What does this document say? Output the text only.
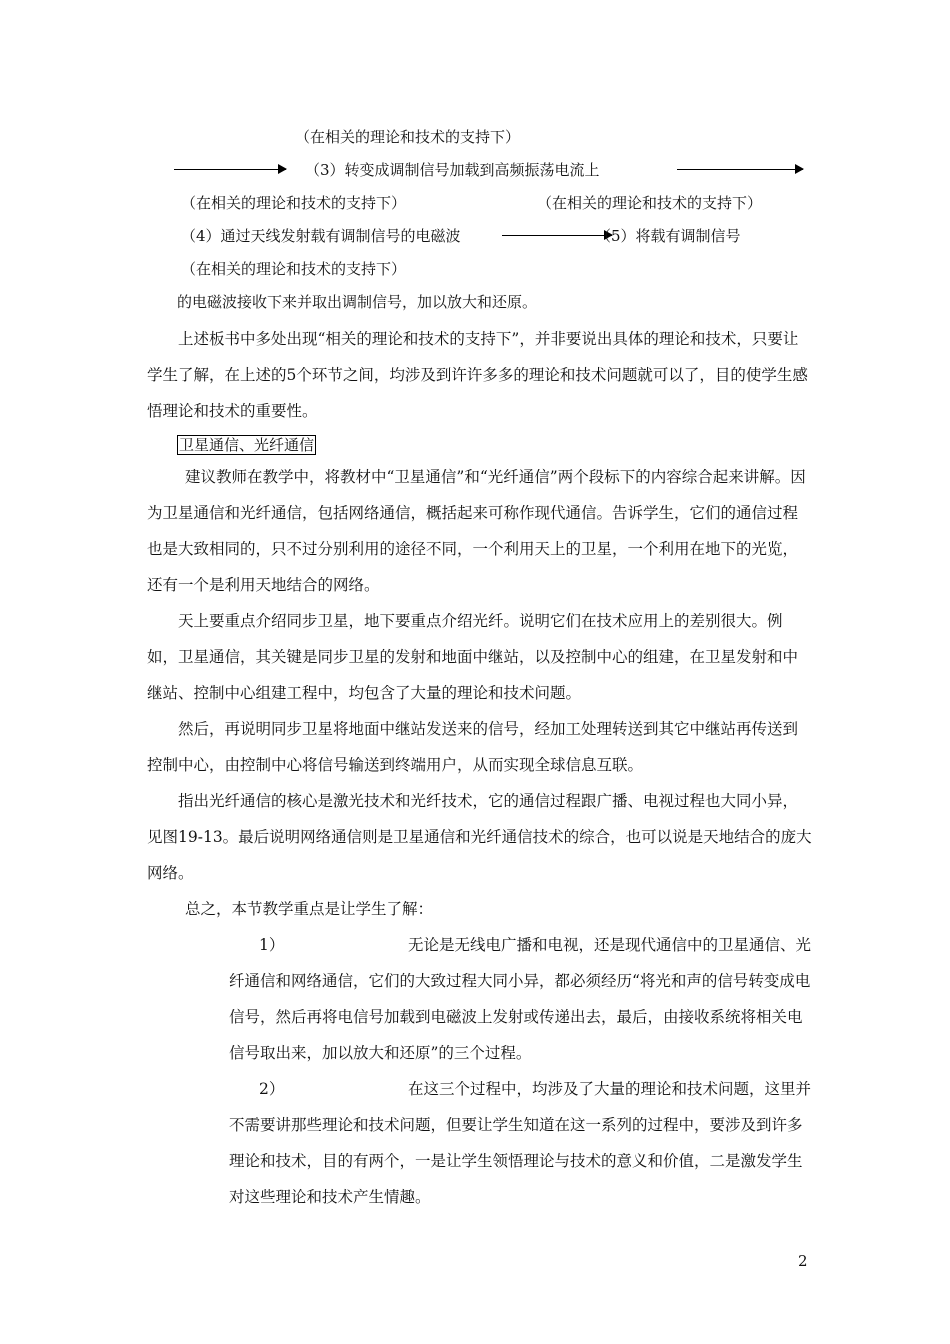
（在相关的理论和技术的支持下）
（3）转变成调制信号加载到高频振荡电流上
（在相关的理论和技术的支持下）	（在相关的理论和技术的支持下）
（4）通过天线发射载有调制信号的电磁波	（5）将载有调制信号
（在相关的理论和技术的支持下）
的电磁波接收下来并取出调制信号，加以放大和还原。
上述板书中多处出现“相关的理论和技术的支持下”，并非要说出具体的理论和技术，只要让学生了解，在上述的5个环节之间，均涉及到许许多多的理论和技术问题就可以了，目的使学生感悟理论和技术的重要性。
卫星通信、光纤通信
建议教师在教学中，将教材中“卫星通信”和“光纤通信”两个段标下的内容综合起来讲解。因为卫星通信和光纤通信，包括网络通信，概括起来可称作现代通信。告诉学生，它们的通信过程也是大致相同的，只不过分别利用的途径不同，一个利用天上的卫星，一个利用在地下的光览，还有一个是利用天地结合的网络。
天上要重点介绍同步卫星，地下要重点介绍光纤。说明它们在技术应用上的差别很大。例如，卫星通信，其关键是同步卫星的发射和地面中继站，以及控制中心的组建，在卫星发射和中继站、控制中心组建工程中，均包含了大量的理论和技术问题。
然后，再说明同步卫星将地面中继站发送来的信号，经加工处理转送到其它中继站再传送到控制中心，由控制中心将信号输送到终端用户，从而实现全球信息互联。
指出光纤通信的核心是激光技术和光纤技术，它的通信过程跟广播、电视过程也大同小异，见图19-13。最后说明网络通信则是卫星通信和光纤通信技术的综合，也可以说是天地结合的庞大网络。
总之，本节教学重点是让学生了解：
1）	无论是无线电广播和电视，还是现代通信中的卫星通信、光纤通信和网络通信，它们的大致过程大同小异，都必须经历“将光和声的信号转变成电信号，然后再将电信号加载到电磁波上发射或传递出去，最后，由接收系统将相关电信号取出来，加以放大和还原”的三个过程。
2）	在这三个过程中，均涉及了大量的理论和技术问题，这里并不需要讲那些理论和技术问题，但要让学生知道在这一系列的过程中，要涉及到许多理论和技术，目的有两个，一是让学生领悟理论与技术的意义和价值，二是激发学生对这些理论和技术产生情趣。
2
